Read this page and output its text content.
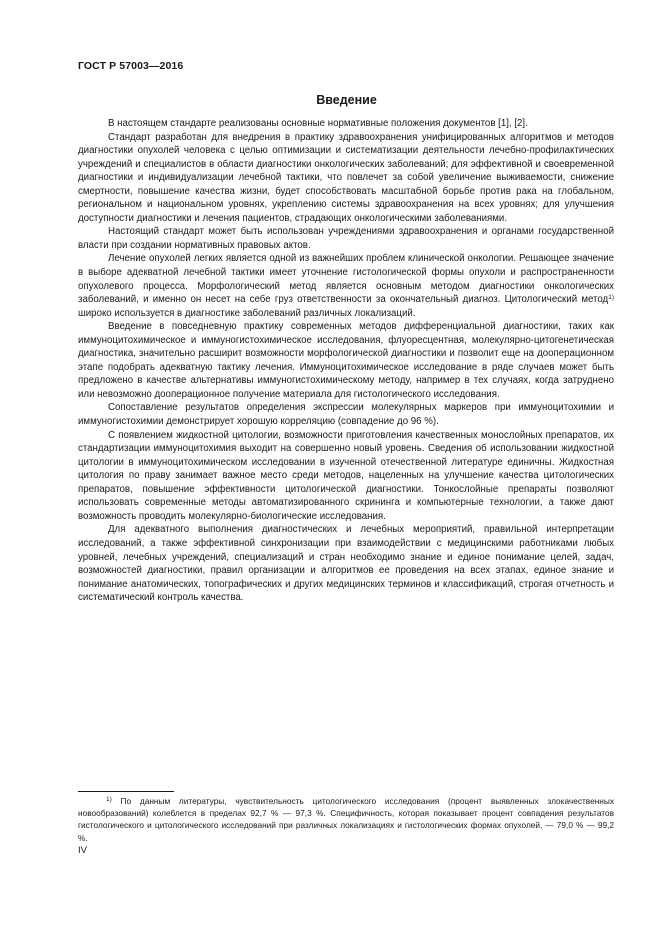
ГОСТ Р 57003—2016
Введение

В настоящем стандарте реализованы основные нормативные положения документов [1], [2].

Стандарт разработан для внедрения в практику здравоохранения унифицированных алгоритмов и методов диагностики опухолей человека с целью оптимизации и систематизации деятельности лечебно-профилактических учреждений и специалистов в области диагностики онкологических заболеваний; для эффективной и своевременной диагностики и индивидуализации лечебной тактики, что повлечет за собой увеличение выживаемости, снижение смертности, повышение качества жизни, будет способствовать масштабной борьбе против рака на глобальном, региональном и национальном уровнях, укреплению системы здравоохранения на всех уровнях; для улучшения доступности диагностики и лечения пациентов, страдающих онкологическими заболеваниями.

Настоящий стандарт может быть использован учреждениями здравоохранения и органами государственной власти при создании нормативных правовых актов.

Лечение опухолей легких является одной из важнейших проблем клинической онкологии. Решающее значение в выборе адекватной лечебной тактики имеет уточнение гистологической формы опухоли и распространенности опухолевого процесса. Морфологический метод является основным методом диагностики онкологических заболеваний, и именно он несет на себе груз ответственности за окончательный диагноз. Цитологический метод$^{1)}$ широко используется в диагностике заболеваний различных локализаций.

Введение в повседневную практику современных методов дифференциальной диагностики, таких как иммуноцитохимическое и иммуногистохимическое исследования, флуоресцентная, молекулярно-цитогенетическая диагностика, значительно расширит возможности морфологической диагностики и позволит еще на дооперационном этапе подобрать адекватную тактику лечения. Иммуноцитохимическое исследование в ряде случаев может быть предложено в качестве альтернативы иммуногистохимическому методу, например в тех случаях, когда затруднено или невозможно дооперационное получение материала для гистологического исследования.

Сопоставление результатов определения экспрессии молекулярных маркеров при иммуноцитохимии и иммуногистохимии демонстрирует хорошую корреляцию (совпадение до 96 %).

С появлением жидкостной цитологии, возможности приготовления качественных монослойных препаратов, их стандартизации иммуноцитохимия выходит на совершенно новый уровень. Сведения об использовании жидкостной цитологии в иммуноцитохимическом исследовании в изученной отечественной литературе единичны. Жидкостная цитология по праву занимает важное место среди методов, нацеленных на улучшение качества цитологических препаратов, повышение эффективности цитологической диагностики. Тонкослойные препараты позволяют использовать современные методы автоматизированного скрининга и компьютерные технологии, а также дают возможность проводить молекулярно-биологические исследования.

Для адекватного выполнения диагностических и лечебных мероприятий, правильной интерпретации исследований, а также эффективной синхронизации при взаимодействии с медицинскими работниками любых уровней, лечебных учреждений, специализаций и стран необходимо знание и единое понимание целей, задач, возможностей диагностики, правил организации и алгоритмов ее проведения на всех этапах, единое знание и понимание анатомических, топографических и других медицинских терминов и классификаций, строгая отчетность и систематический контроль качества.

$^{1)}$ По данным литературы, чувствительность цитологического исследования (процент выявленных злокачественных новообразований) колеблется в пределах 92,7 % — 97,3 %. Специфичность, которая показывает процент совпадения результатов гистологического и цитологического исследований при различных локализациях и гистологических формах опухолей, — 79,0 % — 99,2 %.

IV
